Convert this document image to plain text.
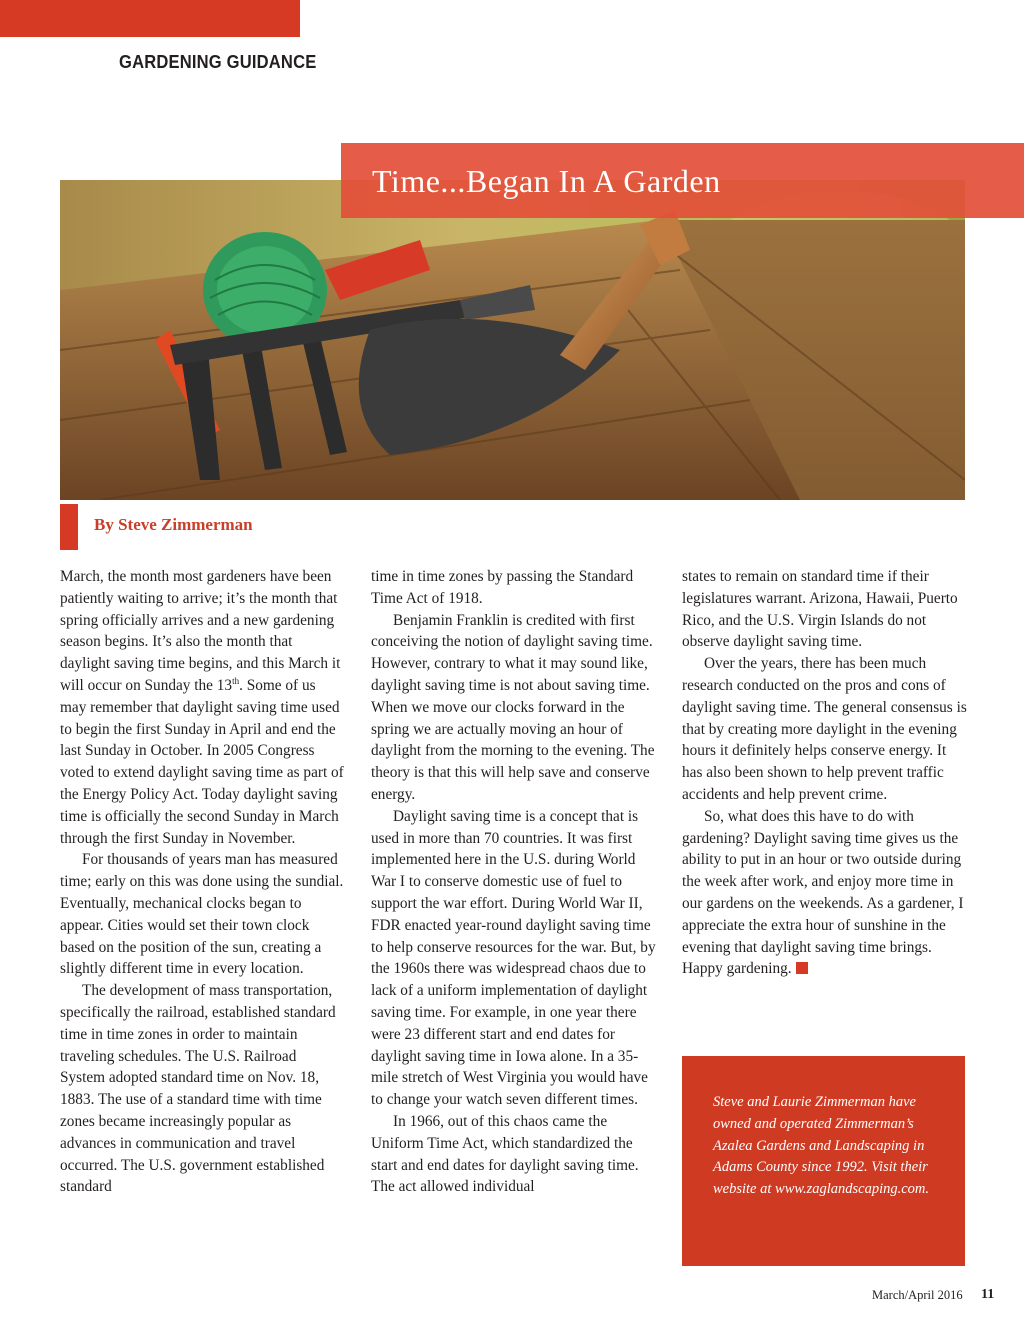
GARDENING GUIDANCE
Time...Began In A Garden
By Steve Zimmerman

March, the month most gardeners have been patiently waiting to arrive; it’s the month that spring officially arrives and a new gardening season begins. It’s also the month that daylight saving time begins, and this March it will occur on Sunday the 13th. Some of us may remember that daylight saving time used to begin the first Sunday in April and end the last Sunday in October. In 2005 Congress voted to extend daylight saving time as part of the Energy Policy Act. Today daylight saving time is officially the second Sunday in March through the first Sunday in November.

For thousands of years man has measured time; early on this was done using the sundial. Eventually, mechanical clocks began to appear. Cities would set their town clock based on the position of the sun, creating a slightly different time in every location.

The development of mass transportation, specifically the railroad, established standard time in time zones in order to maintain traveling schedules. The U.S. Railroad System adopted standard time on Nov. 18, 1883. The use of a standard time with time zones became increasingly popular as advances in communication and travel occurred. The U.S. government established standard

time in time zones by passing the Standard Time Act of 1918.

Benjamin Franklin is credited with first conceiving the notion of daylight saving time. However, contrary to what it may sound like, daylight saving time is not about saving time. When we move our clocks forward in the spring we are actually moving an hour of daylight from the morning to the evening. The theory is that this will help save and conserve energy.

Daylight saving time is a concept that is used in more than 70 countries. It was first implemented here in the U.S. during World War I to conserve domestic use of fuel to support the war effort. During World War II, FDR enacted year-round daylight saving time to help conserve resources for the war. But, by the 1960s there was widespread chaos due to lack of a uniform implementation of daylight saving time. For example, in one year there were 23 different start and end dates for daylight saving time in Iowa alone. In a 35-mile stretch of West Virginia you would have to change your watch seven different times.

In 1966, out of this chaos came the Uniform Time Act, which standardized the start and end dates for daylight saving time. The act allowed individual

states to remain on standard time if their legislatures warrant. Arizona, Hawaii, Puerto Rico, and the U.S. Virgin Islands do not observe daylight saving time.

Over the years, there has been much research conducted on the pros and cons of daylight saving time. The general consensus is that by creating more daylight in the evening hours it definitely helps conserve energy. It has also been shown to help prevent traffic accidents and help prevent crime.

So, what does this have to do with gardening? Daylight saving time gives us the ability to put in an hour or two outside during the week after work, and enjoy more time in our gardens on the weekends. As a gardener, I appreciate the extra hour of sunshine in the evening that daylight saving time brings. Happy gardening.g

Steve and Laurie Zimmerman have owned and operated Zimmerman’s Azalea Gardens and Landscaping in Adams County since 1992. Visit their website at www.zaglandscaping.com.
March/April 2016 11
